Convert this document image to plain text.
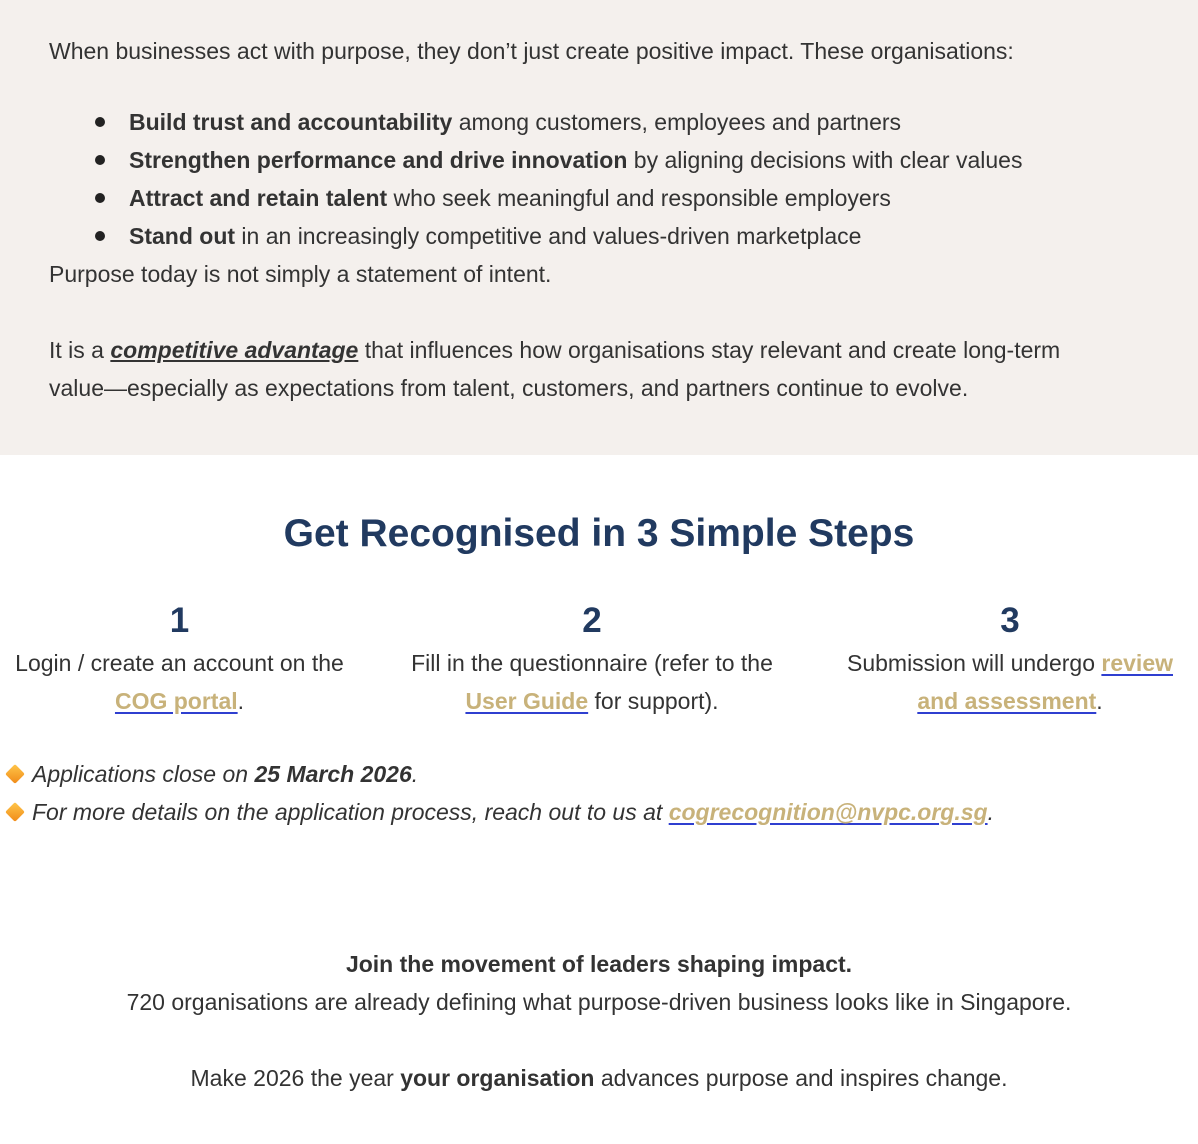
When businesses act with purpose, they don’t just create positive impact. These organisations:

Build trust and accountability among customers, employees and partners
Strengthen performance and drive innovation by aligning decisions with clear values
Attract and retain talent who seek meaningful and responsible employers
Stand out in an increasingly competitive and values-driven marketplace

Purpose today is not simply a statement of intent.

It is a competitive advantage that influences how organisations stay relevant and create long-term

value—especially as expectations from talent, customers, and partners continue to evolve.

Get Recognised in 3 Simple Steps
1
Login / create an account on the
COG portal.
2
Fill in the questionnaire (refer to the
User Guide for support).
3
Submission will undergo review
and assessment.
Applications close on 25 March 2026.
For more details on the application process, reach out to us at cogrecognition@nvpc.org.sg.
Join the movement of leaders shaping impact.
720 organisations are already defining what purpose-driven business looks like in Singapore.
Make 2026 the year your organisation advances purpose and inspires change.
